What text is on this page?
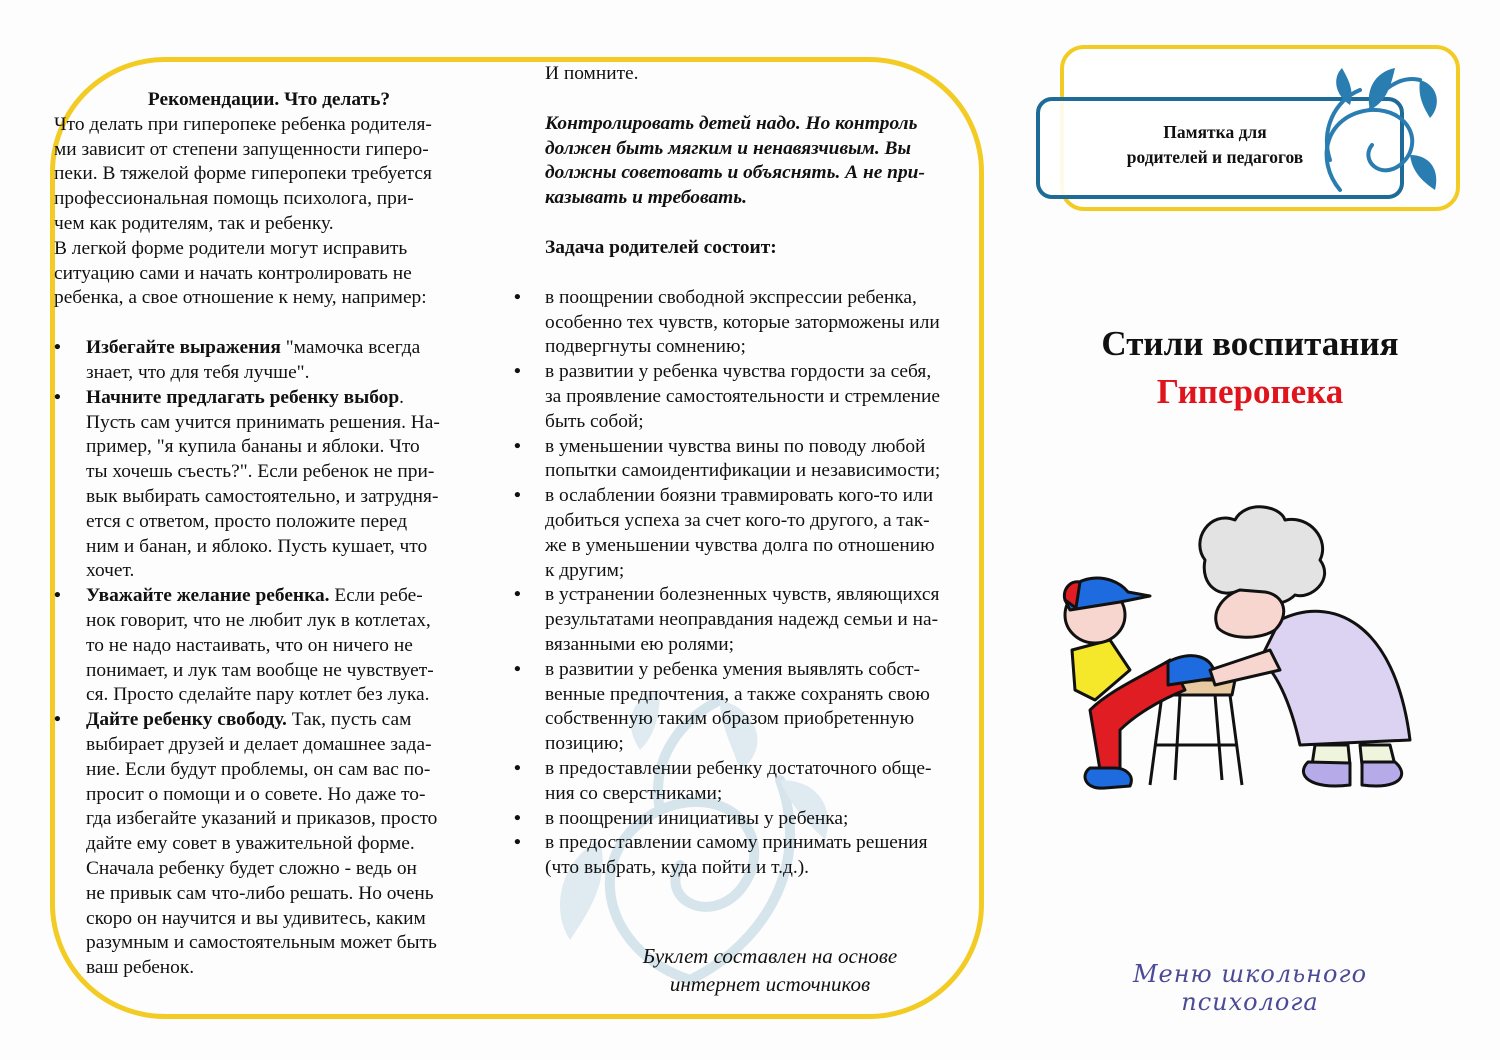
Рекомендации. Что делать?
Что делать при гиперопеке ребенка родителя-
ми зависит от степени запущенности гиперо-
пеки. В тяжелой форме гиперопеки требуется
профессиональная помощь психолога, при-
чем как родителям, так и ребенку.
В легкой форме родители могут исправить
ситуацию сами и начать контролировать не
ребенка, а свое отношение к нему, например:
• Избегайте выражения "мамочка всегда
знает, что для тебя лучше".
• Начните предлагать ребенку выбор.
Пусть сам учится принимать решения. На-
пример, "я купила бананы и яблоки. Что
ты хочешь съесть?". Если ребенок не при-
вык выбирать самостоятельно, и затрудня-
ется с ответом, просто положите перед
ним и банан, и яблоко. Пусть кушает, что
хочет.
• Уважайте желание ребенка. Если ребе-
нок говорит, что не любит лук в котлетах,
то не надо настаивать, что он ничего не
понимает, и лук там вообще не чувствует-
ся. Просто сделайте пару котлет без лука.
• Дайте ребенку свободу. Так, пусть сам
выбирает друзей и делает домашнее зада-
ние. Если будут проблемы, он сам вас по-
просит о помощи и о совете. Но даже то-
гда избегайте указаний и приказов, просто
дайте ему совет в уважительной форме.
Сначала ребенку будет сложно - ведь он
не привык сам что-либо решать. Но очень
скоро он научится и вы удивитесь, каким
разумным и самостоятельным может быть
ваш ребенок.
И помните.
Контролировать детей надо. Но контроль
должен быть мягким и ненавязчивым. Вы
должны советовать и объяснять. А не при-
казывать и требовать.
Задача родителей состоит:
• в поощрении свободной экспрессии ребенка,
особенно тех чувств, которые заторможены или
подвергнуты сомнению;
• в развитии у ребенка чувства гордости за себя,
за проявление самостоятельности и стремление
быть собой;
• в уменьшении чувства вины по поводу любой
попытки самоидентификации и независимости;
• в ослаблении боязни травмировать кого-то или
добиться успеха за счет кого-то другого, а так-
же в уменьшении чувства долга по отношению
к другим;
• в устранении болезненных чувств, являющихся
результатами неоправдания надежд семьи и на-
вязанными ею ролями;
• в развитии у ребенка умения выявлять собст-
венные предпочтения, а также сохранять свою
собственную таким образом приобретенную
позицию;
• в предоставлении ребенку достаточного обще-
ния со сверстниками;
• в поощрении инициативы у ребенка;
• в предоставлении самому принимать решения
(что выбрать, куда пойти и т.д.).
Буклет составлен на основе
интернет источников
Памятка для
родителей и педагогов
Стили воспитания
Гиперопека
Меню школьного психолога
